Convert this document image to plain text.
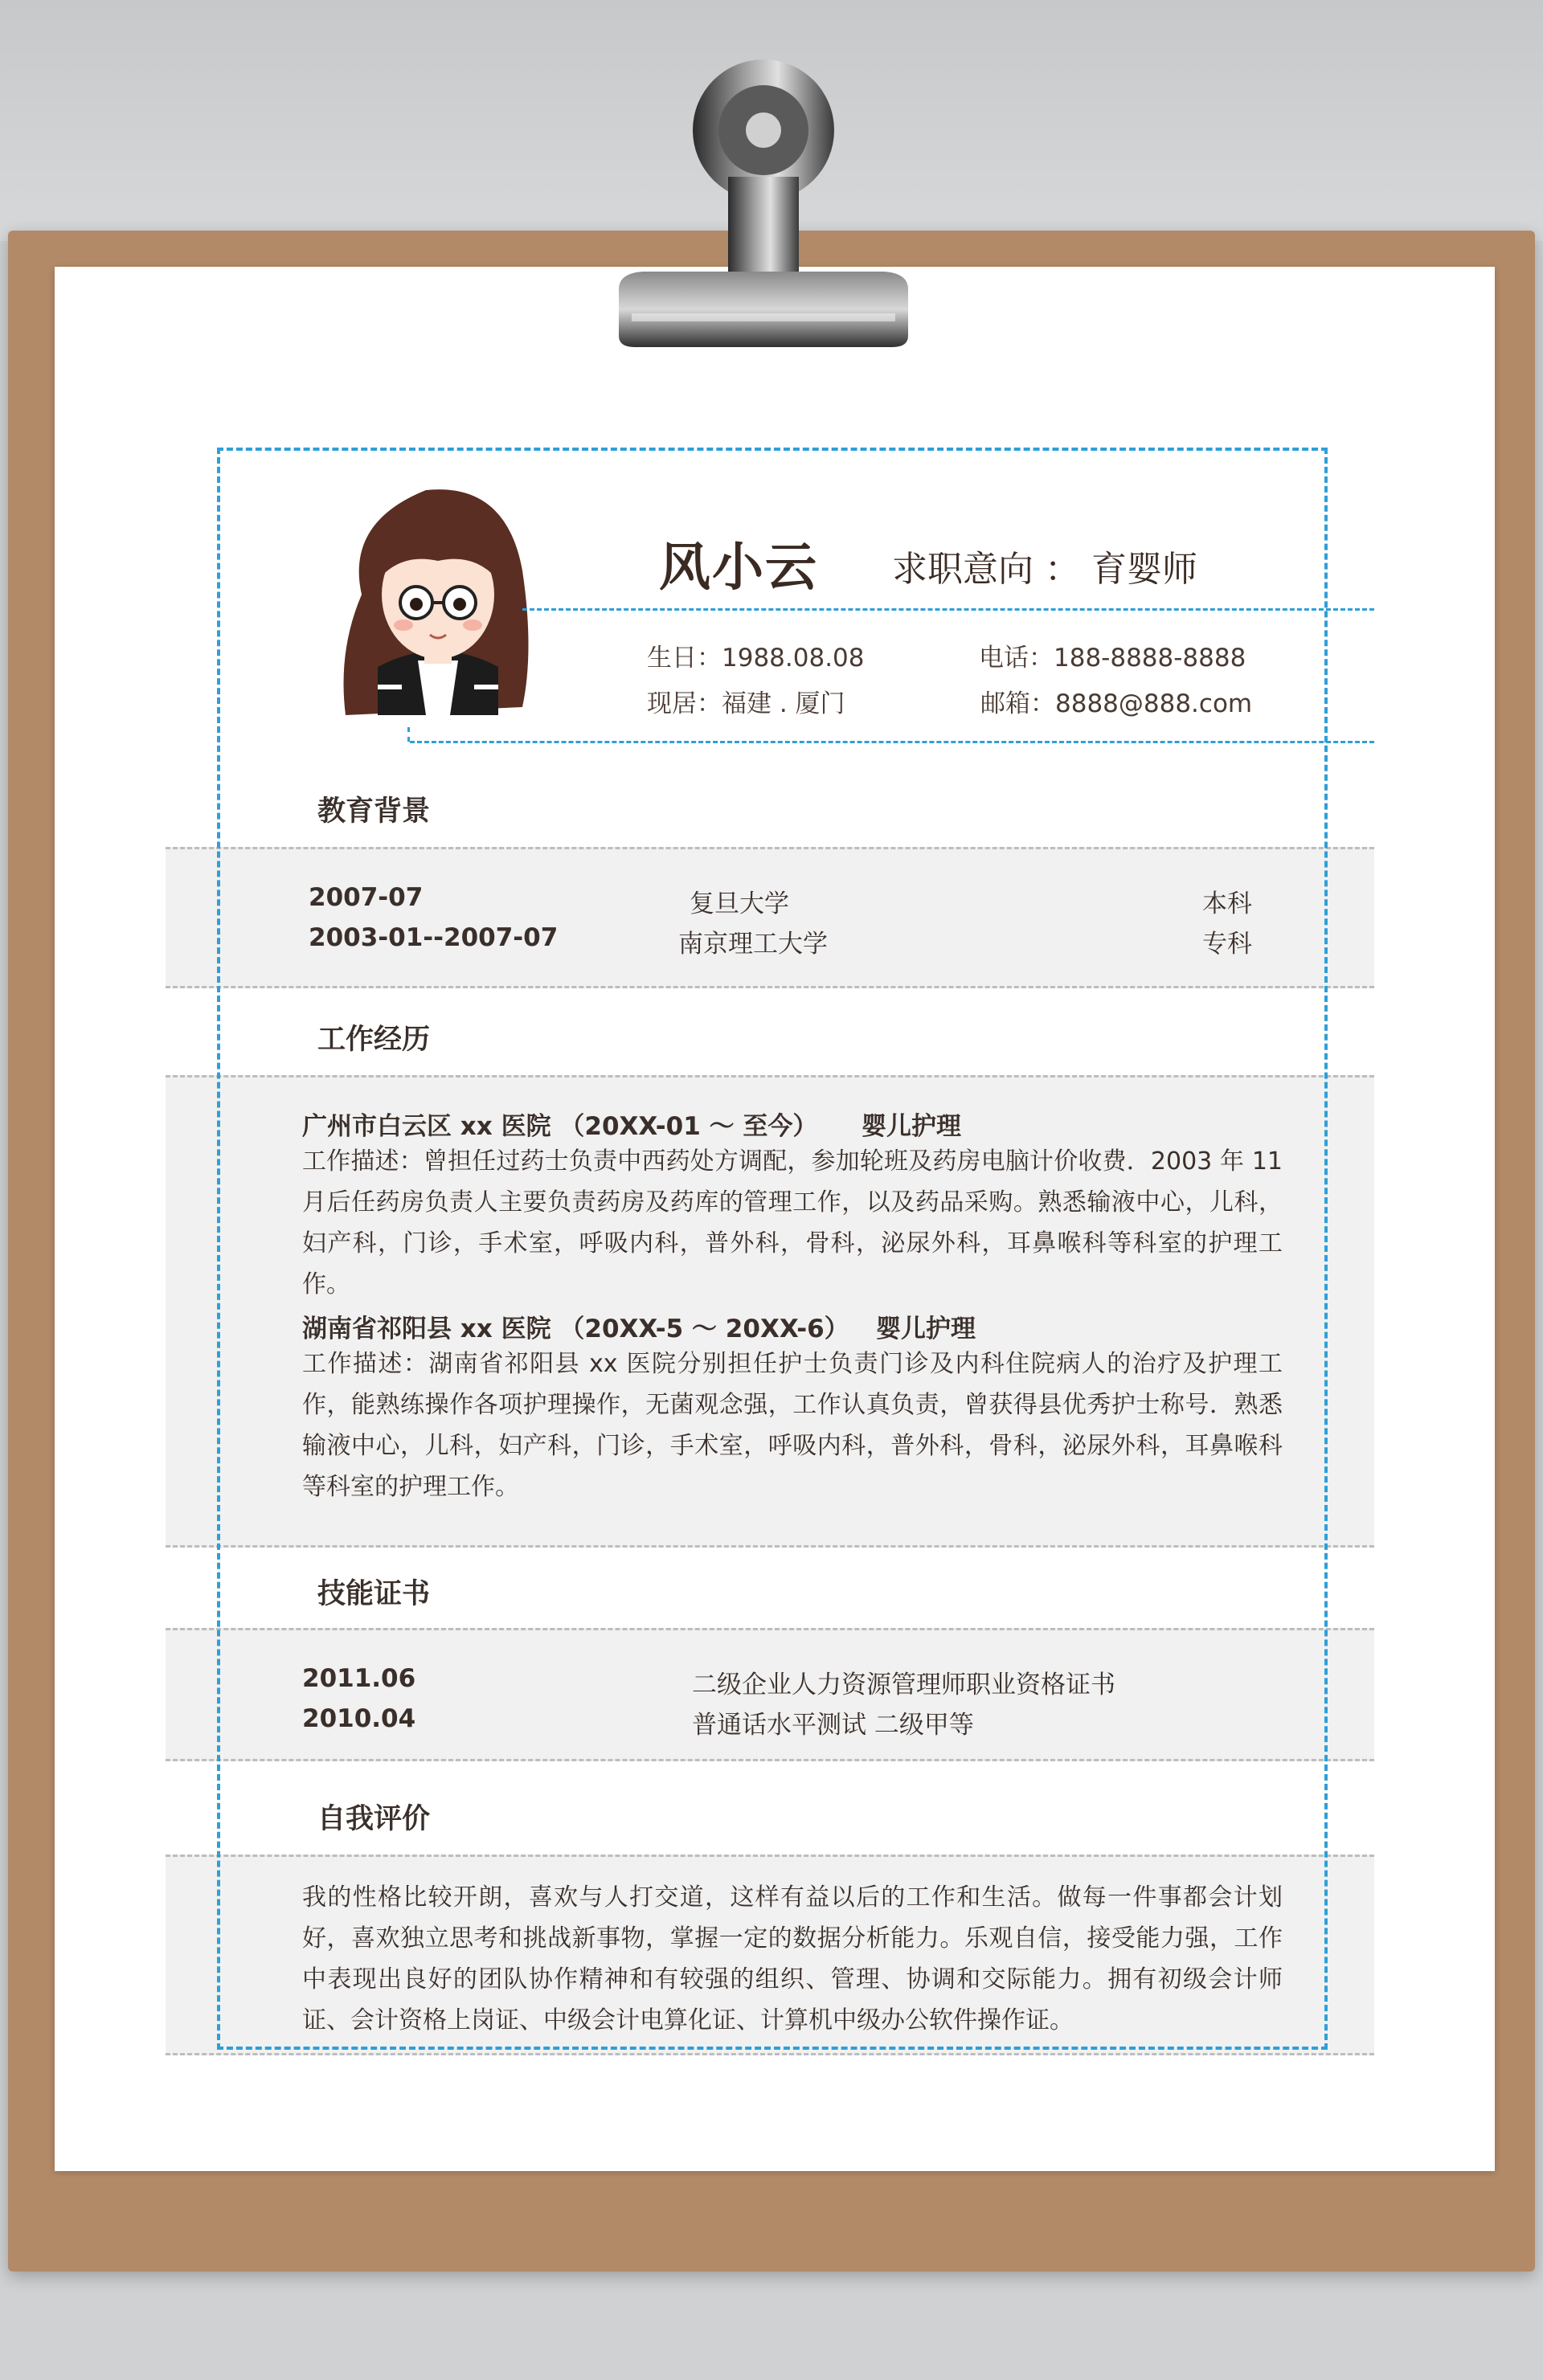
风小云 求职意向 ： 育婴师
生日：1988.08.08	电话：188-8888-8888
现居：福建 . 厦门	邮箱：8888@888.com
教育背景
2007-07	复旦大学	本科
2003-01--2007-07	南京理工大学	专科
工作经历
广州市白云区 xx 医院 （20XX-01 ～ 至今） 婴儿护理
工作描述：曾担任过药士负责中西药处方调配，参加轮班及药房电脑计价收费．2003 年 11 月后任药房负责人主要负责药房及药库的管理工作，以及药品采购。熟悉输液中心，儿科，妇产科，门诊，手术室，呼吸内科，普外科，骨科，泌尿外科，耳鼻喉科等科室的护理工作。
湖南省祁阳县 xx 医院 （20XX-5 ～ 20XX-6） 婴儿护理
工作描述：湖南省祁阳县 xx 医院分别担任护士负责门诊及内科住院病人的治疗及护理工作，能熟练操作各项护理操作，无菌观念强，工作认真负责，曾获得县优秀护士称号．熟悉输液中心，儿科，妇产科，门诊，手术室，呼吸内科，普外科，骨科，泌尿外科，耳鼻喉科等科室的护理工作。
技能证书
2011.06	二级企业人力资源管理师职业资格证书
2010.04	普通话水平测试 二级甲等
自我评价
我的性格比较开朗，喜欢与人打交道，这样有益以后的工作和生活。做每一件事都会计划好，喜欢独立思考和挑战新事物，掌握一定的数据分析能力。乐观自信，接受能力强，工作中表现出良好的团队协作精神和有较强的组织、管理、协调和交际能力。拥有初级会计师证、会计资格上岗证、中级会计电算化证、计算机中级办公软件操作证。
